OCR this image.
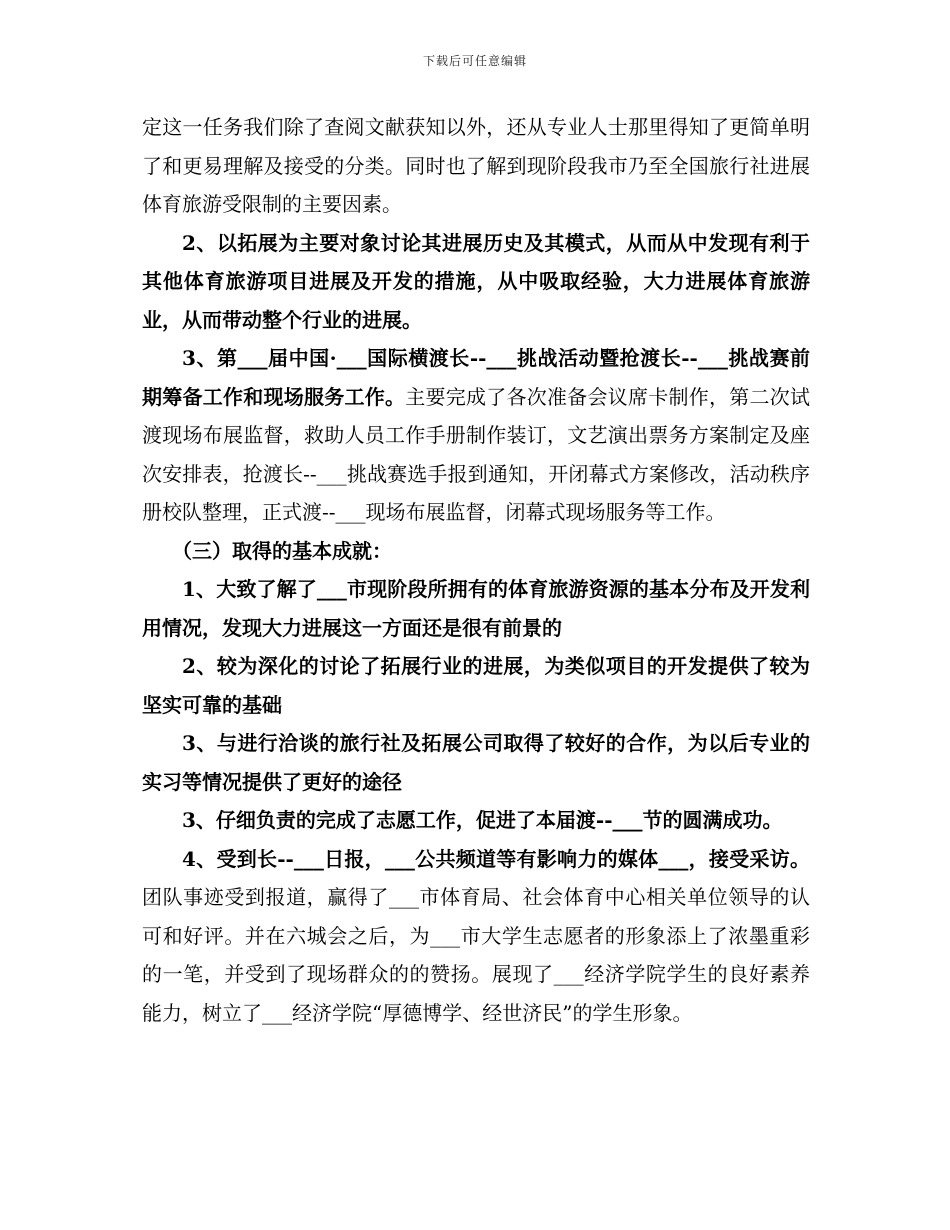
下载后可任意编辑

定这一任务我们除了查阅文献获知以外，还从专业人士那里得知了更简单明了和更易理解及接受的分类。同时也了解到现阶段我市乃至全国旅行社进展体育旅游受限制的主要因素。

2、以拓展为主要对象讨论其进展历史及其模式，从而从中发现有利于其他体育旅游项目进展及开发的措施，从中吸取经验，大力进展体育旅游业，从而带动整个行业的进展。

3、第___届中国·___国际横渡长--___挑战活动暨抢渡长--___挑战赛前期筹备工作和现场服务工作。主要完成了各次准备会议席卡制作，第二次试渡现场布展监督，救助人员工作手册制作装订，文艺演出票务方案制定及座次安排表，抢渡长--___挑战赛选手报到通知，开闭幕式方案修改，活动秩序册校队整理，正式渡--___现场布展监督，闭幕式现场服务等工作。

（三）取得的基本成就：

1、大致了解了___市现阶段所拥有的体育旅游资源的基本分布及开发利用情况，发现大力进展这一方面还是很有前景的

2、较为深化的讨论了拓展行业的进展，为类似项目的开发提供了较为坚实可靠的基础

3、与进行洽谈的旅行社及拓展公司取得了较好的合作，为以后专业的实习等情况提供了更好的途径

3、仔细负责的完成了志愿工作，促进了本届渡--___节的圆满成功。

4、受到长--___日报，___公共频道等有影响力的媒体___，接受采访。团队事迹受到报道，赢得了___市体育局、社会体育中心相关单位领导的认可和好评。并在六城会之后，为___市大学生志愿者的形象添上了浓墨重彩的一笔，并受到了现场群众的的赞扬。展现了___经济学院学生的良好素养能力，树立了___经济学院“厚德博学、经世济民”的学生形象。
